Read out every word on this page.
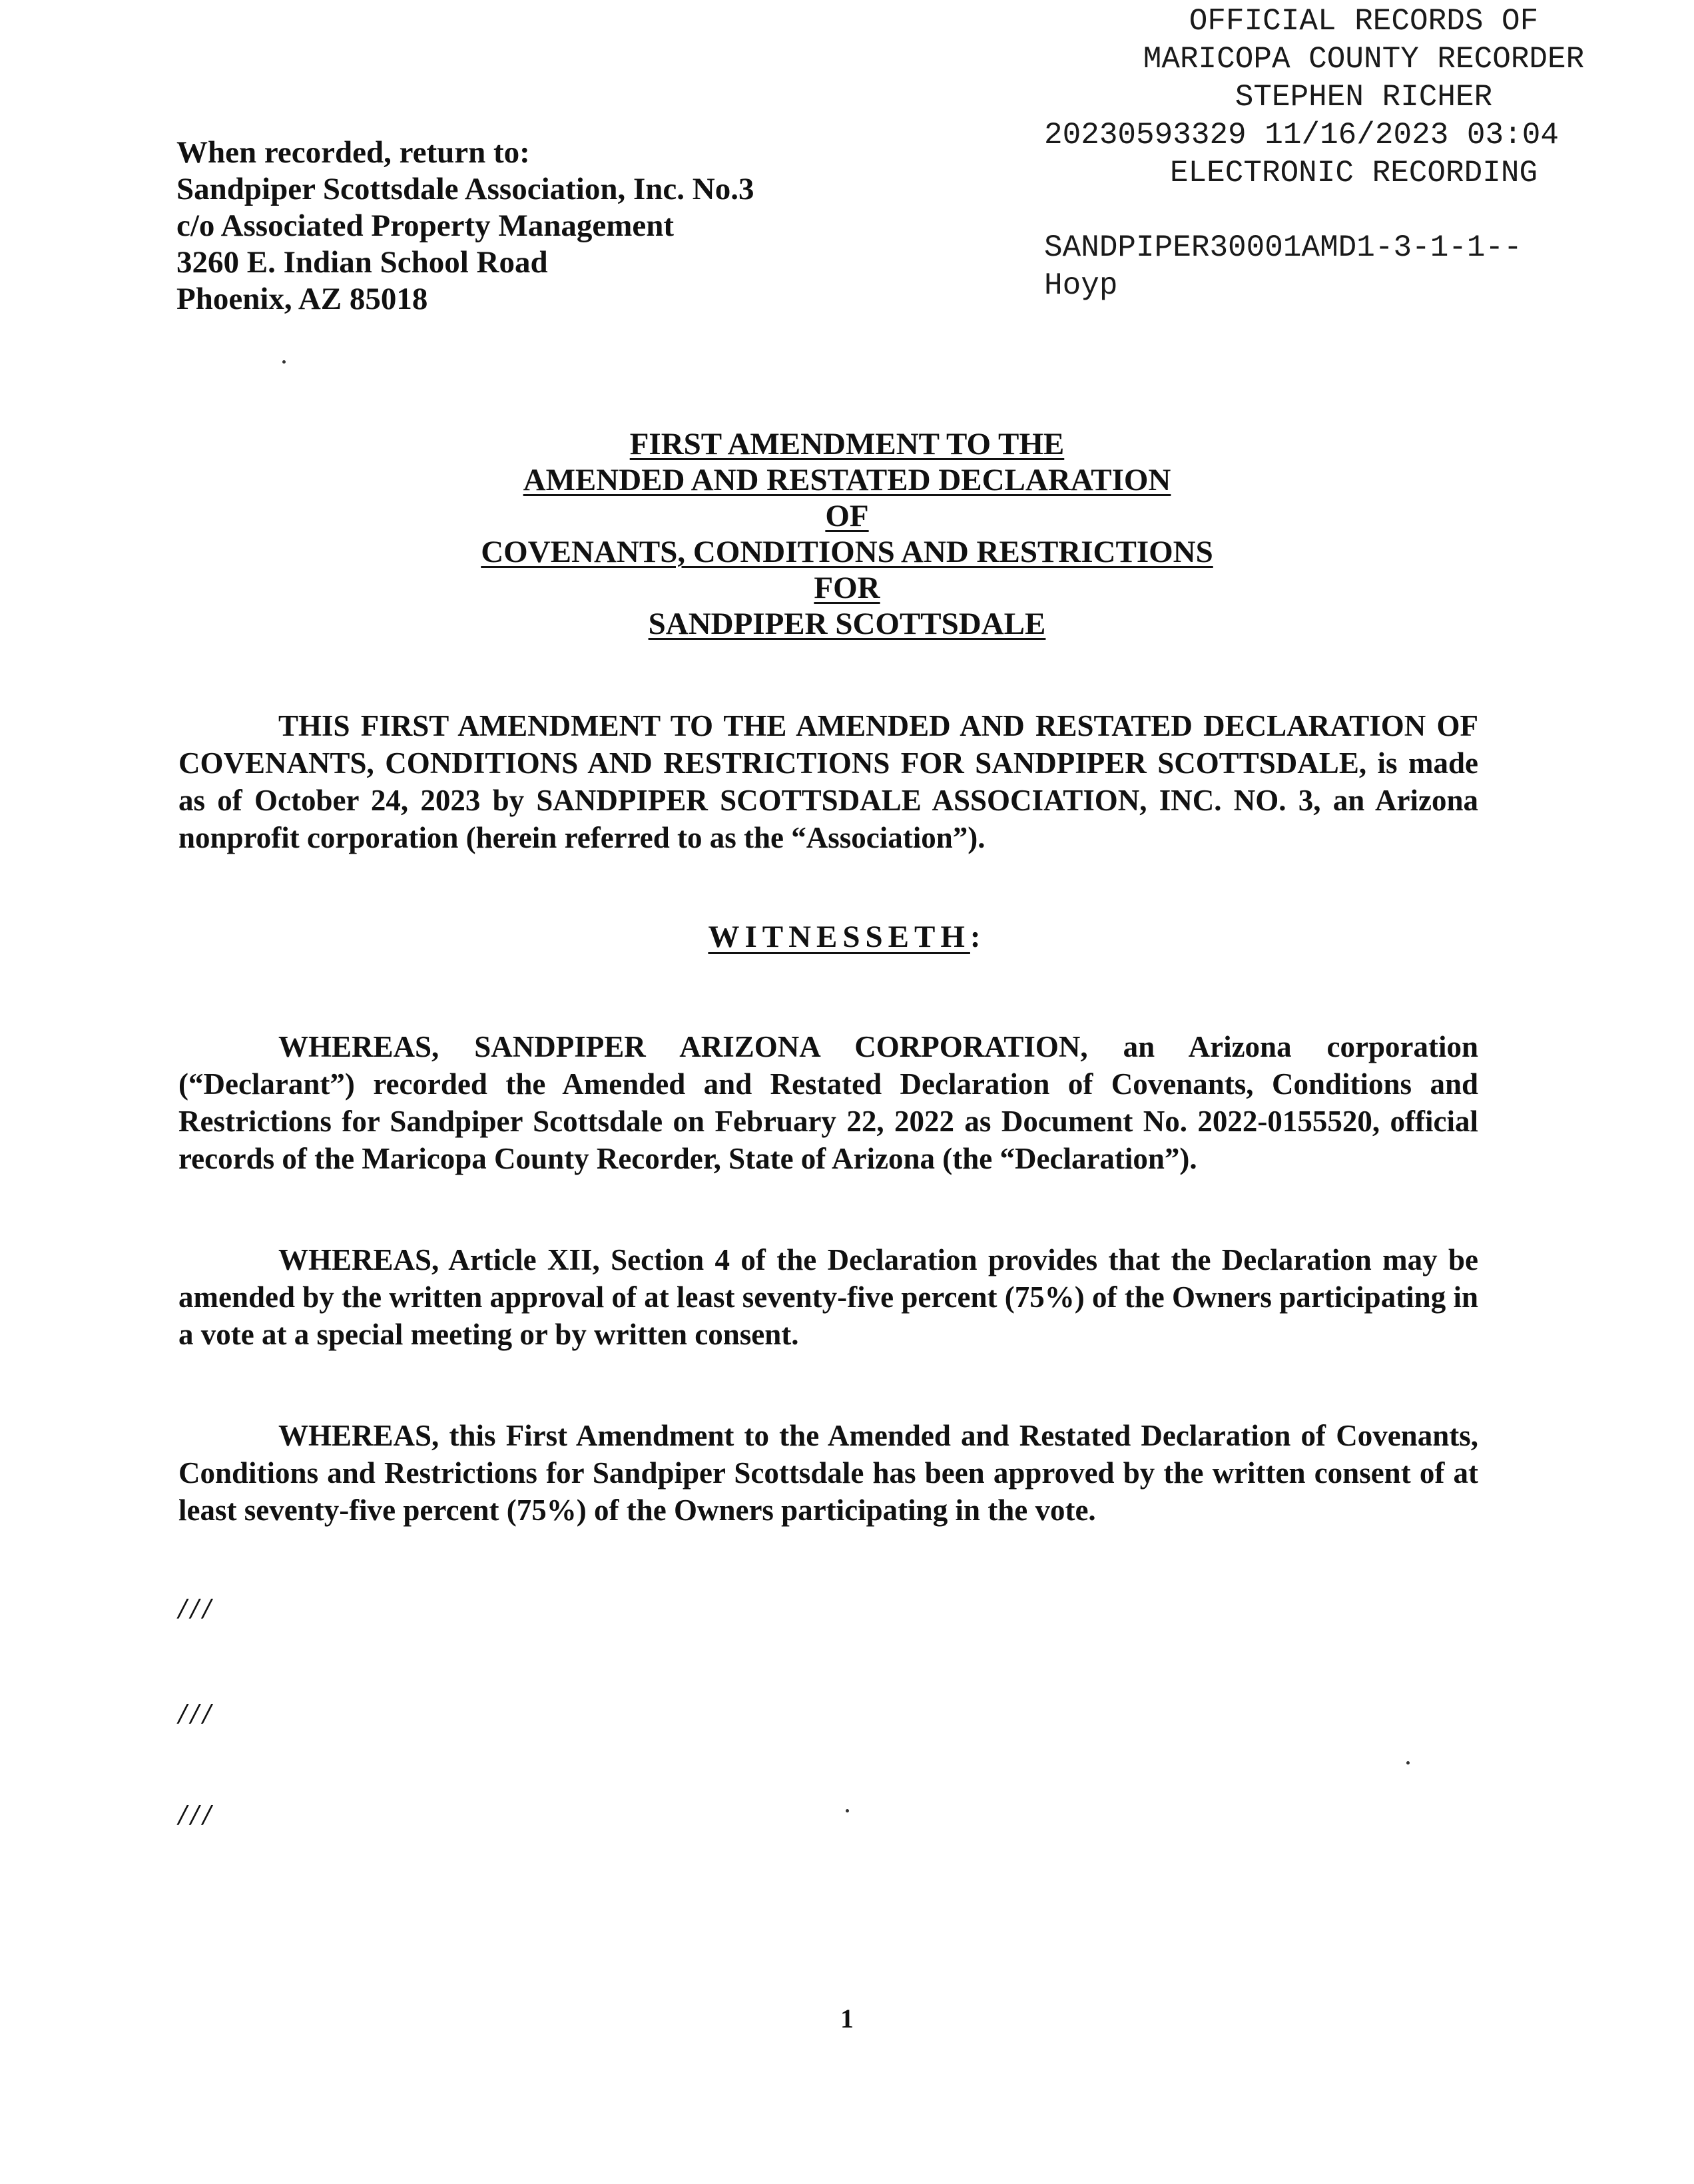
OFFICIAL RECORDS OF
MARICOPA COUNTY RECORDER
STEPHEN RICHER
20230593329 11/16/2023 03:04
ELECTRONIC RECORDING
SANDPIPER30001AMD1-3-1-1--
Hoyp
When recorded, return to:
Sandpiper Scottsdale Association, Inc. No.3
c/o Associated Property Management
3260 E. Indian School Road
Phoenix, AZ 85018
FIRST AMENDMENT TO THE
AMENDED AND RESTATED DECLARATION
OF
COVENANTS, CONDITIONS AND RESTRICTIONS
FOR
SANDPIPER SCOTTSDALE

THIS FIRST AMENDMENT TO THE AMENDED AND RESTATED DECLARATION OF COVENANTS, CONDITIONS AND RESTRICTIONS FOR SANDPIPER SCOTTSDALE, is made as of October 24, 2023 by SANDPIPER SCOTTSDALE ASSOCIATION, INC. NO. 3, an Arizona nonprofit corporation (herein referred to as the “Association”).

WITNESSETH:

WHEREAS, SANDPIPER ARIZONA CORPORATION, an Arizona corporation (“Declarant”) recorded the Amended and Restated Declaration of Covenants, Conditions and Restrictions for Sandpiper Scottsdale on February 22, 2022 as Document No. 2022-0155520, official records of the Maricopa County Recorder, State of Arizona (the “Declaration”).

WHEREAS, Article XII, Section 4 of the Declaration provides that the Declaration may be amended by the written approval of at least seventy-five percent (75%) of the Owners participating in a vote at a special meeting or by written consent.

WHEREAS, this First Amendment to the Amended and Restated Declaration of Covenants, Conditions and Restrictions for Sandpiper Scottsdale has been approved by the written consent of at least seventy-five percent (75%) of the Owners participating in the vote.

///
///
///
1
